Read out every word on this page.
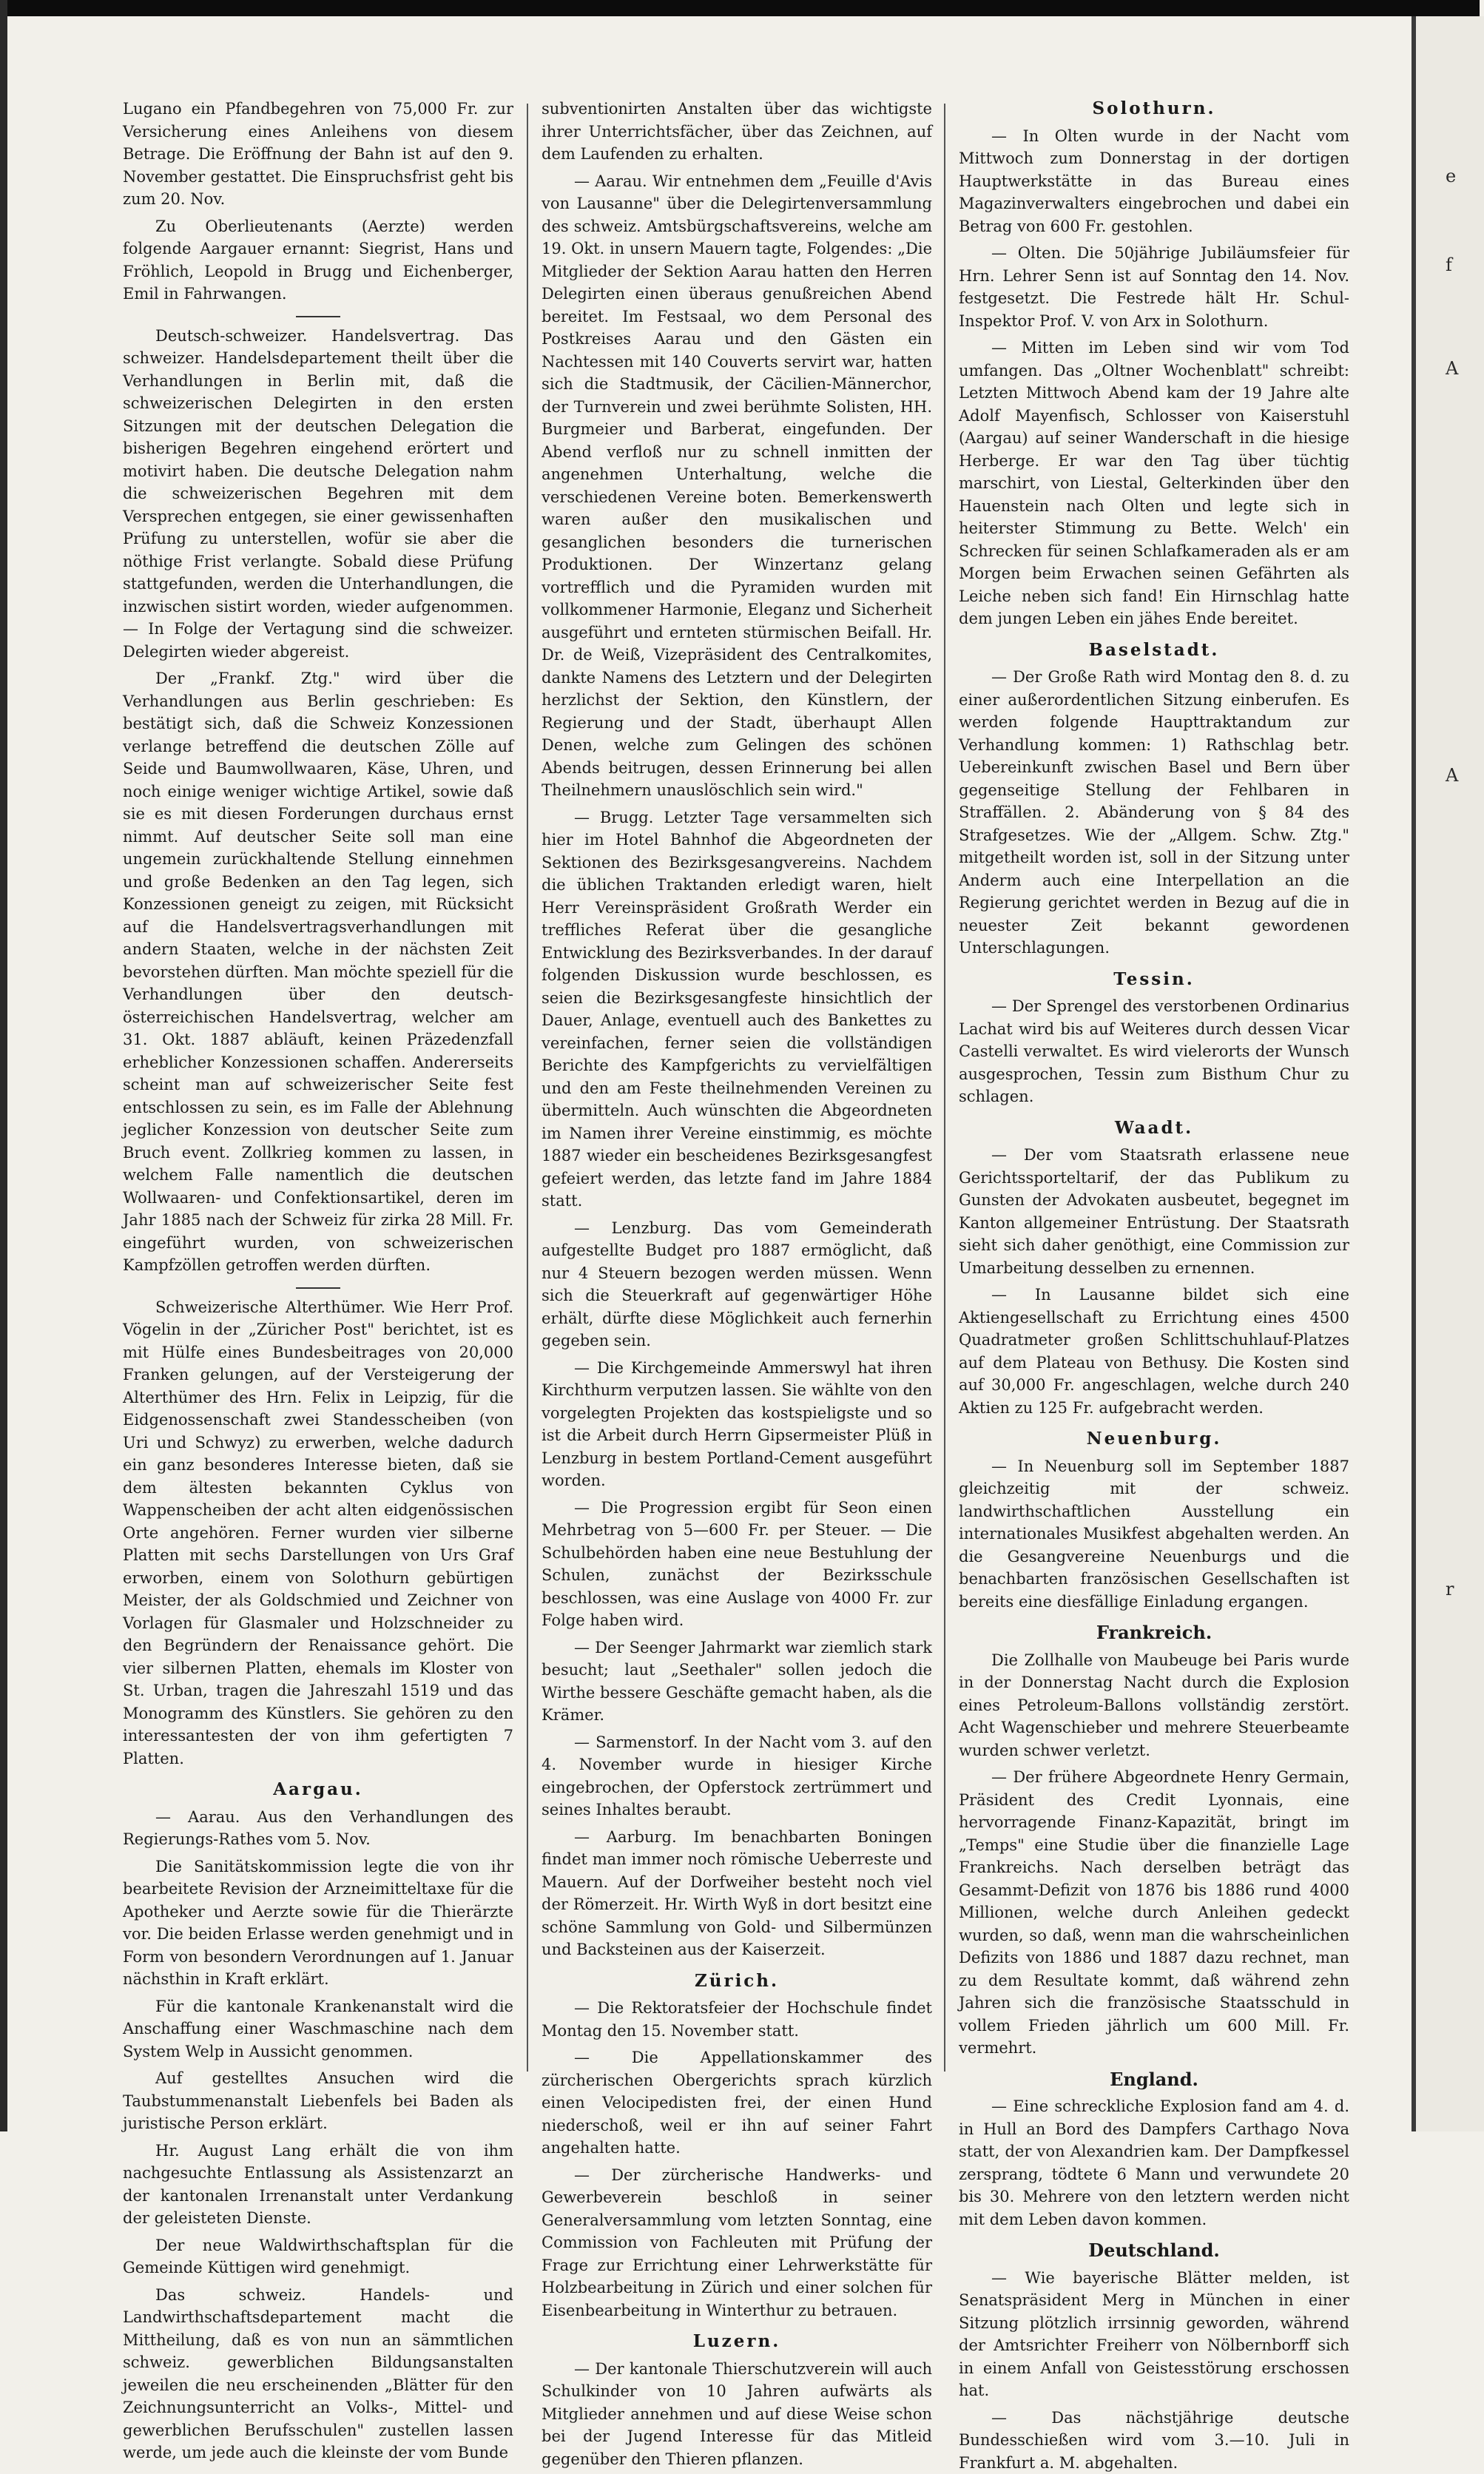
Lugano ein Pfandbegehren von 75,000 Fr. zur Versicherung eines Anleihens von diesem Betrage. Die Eröffnung der Bahn ist auf den 9. November gestattet. Die Einspruchsfrist geht bis zum 20. Nov.

Zu Oberlieutenants (Aerzte) werden folgende Aargauer ernannt: Siegrist, Hans und Fröhlich, Leopold in Brugg und Eichenberger, Emil in Fahrwangen.

Deutsch-schweizer. Handelsvertrag. Das schweizer. Handelsdepartement theilt über die Verhandlungen in Berlin mit, daß die schweizerischen Delegirten in den ersten Sitzungen mit der deutschen Delegation die bisherigen Begehren eingehend erörtert und motivirt haben. Die deutsche Delegation nahm die schweizerischen Begehren mit dem Versprechen entgegen, sie einer gewissenhaften Prüfung zu unterstellen, wofür sie aber die nöthige Frist verlangte. Sobald diese Prüfung stattgefunden, werden die Unterhandlungen, die inzwischen sistirt worden, wieder aufgenommen. — In Folge der Vertagung sind die schweizer. Delegirten wieder abgereist.

Der „Frankf. Ztg." wird über die Verhandlungen aus Berlin geschrieben: Es bestätigt sich, daß die Schweiz Konzessionen verlange betreffend die deutschen Zölle auf Seide und Baumwollwaaren, Käse, Uhren, und noch einige weniger wichtige Artikel, sowie daß sie es mit diesen Forderungen durchaus ernst nimmt. Auf deutscher Seite soll man eine ungemein zurückhaltende Stellung einnehmen und große Bedenken an den Tag legen, sich Konzessionen geneigt zu zeigen, mit Rücksicht auf die Handelsvertragsverhandlungen mit andern Staaten, welche in der nächsten Zeit bevorstehen dürften. Man möchte speziell für die Verhandlungen über den deutsch-österreichischen Handelsvertrag, welcher am 31. Okt. 1887 abläuft, keinen Präzedenzfall erheblicher Konzessionen schaffen. Andererseits scheint man auf schweizerischer Seite fest entschlossen zu sein, es im Falle der Ablehnung jeglicher Konzession von deutscher Seite zum Bruch event. Zollkrieg kommen zu lassen, in welchem Falle namentlich die deutschen Wollwaaren- und Confektionsartikel, deren im Jahr 1885 nach der Schweiz für zirka 28 Mill. Fr. eingeführt wurden, von schweizerischen Kampfzöllen getroffen werden dürften.

Schweizerische Alterthümer. Wie Herr Prof. Vögelin in der „Züricher Post" berichtet, ist es mit Hülfe eines Bundesbeitrages von 20,000 Franken gelungen, auf der Versteigerung der Alterthümer des Hrn. Felix in Leipzig, für die Eidgenossenschaft zwei Standesscheiben (von Uri und Schwyz) zu erwerben, welche dadurch ein ganz besonderes Interesse bieten, daß sie dem ältesten bekannten Cyklus von Wappenscheiben der acht alten eidgenössischen Orte angehören. Ferner wurden vier silberne Platten mit sechs Darstellungen von Urs Graf erworben, einem von Solothurn gebürtigen Meister, der als Goldschmied und Zeichner von Vorlagen für Glasmaler und Holzschneider zu den Begründern der Renaissance gehört. Die vier silbernen Platten, ehemals im Kloster von St. Urban, tragen die Jahreszahl 1519 und das Monogramm des Künstlers. Sie gehören zu den interessantesten der von ihm gefertigten 7 Platten.

Aargau.

— Aarau. Aus den Verhandlungen des Regierungs-Rathes vom 5. Nov.

Die Sanitätskommission legte die von ihr bearbeitete Revision der Arzneimitteltaxe für die Apotheker und Aerzte sowie für die Thierärzte vor. Die beiden Erlasse werden genehmigt und in Form von besondern Verordnungen auf 1. Januar nächsthin in Kraft erklärt.

Für die kantonale Krankenanstalt wird die Anschaffung einer Waschmaschine nach dem System Welp in Aussicht genommen.

Auf gestelltes Ansuchen wird die Taubstummenanstalt Liebenfels bei Baden als juristische Person erklärt.

Hr. August Lang erhält die von ihm nachgesuchte Entlassung als Assistenzarzt an der kantonalen Irrenanstalt unter Verdankung der geleisteten Dienste.

Der neue Waldwirthschaftsplan für die Gemeinde Küttigen wird genehmigt.

Das schweiz. Handels- und Landwirthschaftsdepartement macht die Mittheilung, daß es von nun an sämmtlichen schweiz. gewerblichen Bildungsanstalten jeweilen die neu erscheinenden „Blätter für den Zeichnungsunterricht an Volks-, Mittel- und gewerblichen Berufsschulen" zustellen lassen werde, um jede auch die kleinste der vom Bunde

subventionirten Anstalten über das wichtigste ihrer Unterrichtsfächer, über das Zeichnen, auf dem Laufenden zu erhalten.

— Aarau. Wir entnehmen dem „Feuille d'Avis von Lausanne" über die Delegirtenversammlung des schweiz. Amtsbürgschaftsvereins, welche am 19. Okt. in unsern Mauern tagte, Folgendes: „Die Mitglieder der Sektion Aarau hatten den Herren Delegirten einen überaus genußreichen Abend bereitet. Im Festsaal, wo dem Personal des Postkreises Aarau und den Gästen ein Nachtessen mit 140 Couverts servirt war, hatten sich die Stadtmusik, der Cäcilien-Männerchor, der Turnverein und zwei berühmte Solisten, HH. Burgmeier und Barberat, eingefunden. Der Abend verfloß nur zu schnell inmitten der angenehmen Unterhaltung, welche die verschiedenen Vereine boten. Bemerkenswerth waren außer den musikalischen und gesanglichen besonders die turnerischen Produktionen. Der Winzertanz gelang vortrefflich und die Pyramiden wurden mit vollkommener Harmonie, Eleganz und Sicherheit ausgeführt und ernteten stürmischen Beifall. Hr. Dr. de Weiß, Vizepräsident des Centralkomites, dankte Namens des Letztern und der Delegirten herzlichst der Sektion, den Künstlern, der Regierung und der Stadt, überhaupt Allen Denen, welche zum Gelingen des schönen Abends beitrugen, dessen Erinnerung bei allen Theilnehmern unauslöschlich sein wird."

— Brugg. Letzter Tage versammelten sich hier im Hotel Bahnhof die Abgeordneten der Sektionen des Bezirksgesangvereins. Nachdem die üblichen Traktanden erledigt waren, hielt Herr Vereinspräsident Großrath Werder ein treffliches Referat über die gesangliche Entwicklung des Bezirksverbandes. In der darauf folgenden Diskussion wurde beschlossen, es seien die Bezirksgesangfeste hinsichtlich der Dauer, Anlage, eventuell auch des Bankettes zu vereinfachen, ferner seien die vollständigen Berichte des Kampfgerichts zu vervielfältigen und den am Feste theilnehmenden Vereinen zu übermitteln. Auch wünschten die Abgeordneten im Namen ihrer Vereine einstimmig, es möchte 1887 wieder ein bescheidenes Bezirksgesangfest gefeiert werden, das letzte fand im Jahre 1884 statt.

— Lenzburg. Das vom Gemeinderath aufgestellte Budget pro 1887 ermöglicht, daß nur 4 Steuern bezogen werden müssen. Wenn sich die Steuerkraft auf gegenwärtiger Höhe erhält, dürfte diese Möglichkeit auch fernerhin gegeben sein.

— Die Kirchgemeinde Ammerswyl hat ihren Kirchthurm verputzen lassen. Sie wählte von den vorgelegten Projekten das kostspieligste und so ist die Arbeit durch Herrn Gipsermeister Plüß in Lenzburg in bestem Portland-Cement ausgeführt worden.

— Die Progression ergibt für Seon einen Mehrbetrag von 5—600 Fr. per Steuer. — Die Schulbehörden haben eine neue Bestuhlung der Schulen, zunächst der Bezirksschule beschlossen, was eine Auslage von 4000 Fr. zur Folge haben wird.

— Der Seenger Jahrmarkt war ziemlich stark besucht; laut „Seethaler" sollen jedoch die Wirthe bessere Geschäfte gemacht haben, als die Krämer.

— Sarmenstorf. In der Nacht vom 3. auf den 4. November wurde in hiesiger Kirche eingebrochen, der Opferstock zertrümmert und seines Inhaltes beraubt.

— Aarburg. Im benachbarten Boningen findet man immer noch römische Ueberreste und Mauern. Auf der Dorfweiher besteht noch viel der Römerzeit. Hr. Wirth Wyß in dort besitzt eine schöne Sammlung von Gold- und Silbermünzen und Backsteinen aus der Kaiserzeit.

Zürich.

— Die Rektoratsfeier der Hochschule findet Montag den 15. November statt.

— Die Appellationskammer des zürcherischen Obergerichts sprach kürzlich einen Velocipedisten frei, der einen Hund niederschoß, weil er ihn auf seiner Fahrt angehalten hatte.

— Der zürcherische Handwerks- und Gewerbeverein beschloß in seiner Generalversammlung vom letzten Sonntag, eine Commission von Fachleuten mit Prüfung der Frage zur Errichtung einer Lehrwerkstätte für Holzbearbeitung in Zürich und einer solchen für Eisenbearbeitung in Winterthur zu betrauen.

Luzern.

— Der kantonale Thierschutzverein will auch Schulkinder von 10 Jahren aufwärts als Mitglieder annehmen und auf diese Weise schon bei der Jugend Interesse für das Mitleid gegenüber den Thieren pflanzen.

Solothurn.

— In Olten wurde in der Nacht vom Mittwoch zum Donnerstag in der dortigen Hauptwerkstätte in das Bureau eines Magazinverwalters eingebrochen und dabei ein Betrag von 600 Fr. gestohlen.

— Olten. Die 50jährige Jubiläumsfeier für Hrn. Lehrer Senn ist auf Sonntag den 14. Nov. festgesetzt. Die Festrede hält Hr. Schul-Inspektor Prof. V. von Arx in Solothurn.

— Mitten im Leben sind wir vom Tod umfangen. Das „Oltner Wochenblatt" schreibt: Letzten Mittwoch Abend kam der 19 Jahre alte Adolf Mayenfisch, Schlosser von Kaiserstuhl (Aargau) auf seiner Wanderschaft in die hiesige Herberge. Er war den Tag über tüchtig marschirt, von Liestal, Gelterkinden über den Hauenstein nach Olten und legte sich in heiterster Stimmung zu Bette. Welch' ein Schrecken für seinen Schlafkameraden als er am Morgen beim Erwachen seinen Gefährten als Leiche neben sich fand! Ein Hirnschlag hatte dem jungen Leben ein jähes Ende bereitet.

Baselstadt.

— Der Große Rath wird Montag den 8. d. zu einer außerordentlichen Sitzung einberufen. Es werden folgende Haupttraktandum zur Verhandlung kommen: 1) Rathschlag betr. Uebereinkunft zwischen Basel und Bern über gegenseitige Stellung der Fehlbaren in Straffällen. 2. Abänderung von § 84 des Strafgesetzes. Wie der „Allgem. Schw. Ztg." mitgetheilt worden ist, soll in der Sitzung unter Anderm auch eine Interpellation an die Regierung gerichtet werden in Bezug auf die in neuester Zeit bekannt gewordenen Unterschlagungen.

Tessin.

— Der Sprengel des verstorbenen Ordinarius Lachat wird bis auf Weiteres durch dessen Vicar Castelli verwaltet. Es wird vielerorts der Wunsch ausgesprochen, Tessin zum Bisthum Chur zu schlagen.

Waadt.

— Der vom Staatsrath erlassene neue Gerichtssporteltarif, der das Publikum zu Gunsten der Advokaten ausbeutet, begegnet im Kanton allgemeiner Entrüstung. Der Staatsrath sieht sich daher genöthigt, eine Commission zur Umarbeitung desselben zu ernennen.

— In Lausanne bildet sich eine Aktiengesellschaft zu Errichtung eines 4500 Quadratmeter großen Schlittschuhlauf-Platzes auf dem Plateau von Bethusy. Die Kosten sind auf 30,000 Fr. angeschlagen, welche durch 240 Aktien zu 125 Fr. aufgebracht werden.

Neuenburg.

— In Neuenburg soll im September 1887 gleichzeitig mit der schweiz. landwirthschaftlichen Ausstellung ein internationales Musikfest abgehalten werden. An die Gesangvereine Neuenburgs und die benachbarten französischen Gesellschaften ist bereits eine diesfällige Einladung ergangen.

Frankreich.

Die Zollhalle von Maubeuge bei Paris wurde in der Donnerstag Nacht durch die Explosion eines Petroleum-Ballons vollständig zerstört. Acht Wagenschieber und mehrere Steuerbeamte wurden schwer verletzt.

— Der frühere Abgeordnete Henry Germain, Präsident des Credit Lyonnais, eine hervorragende Finanz-Kapazität, bringt im „Temps" eine Studie über die finanzielle Lage Frankreichs. Nach derselben beträgt das Gesammt-Defizit von 1876 bis 1886 rund 4000 Millionen, welche durch Anleihen gedeckt wurden, so daß, wenn man die wahrscheinlichen Defizits von 1886 und 1887 dazu rechnet, man zu dem Resultate kommt, daß während zehn Jahren sich die französische Staatsschuld in vollem Frieden jährlich um 600 Mill. Fr. vermehrt.

England.

— Eine schreckliche Explosion fand am 4. d. in Hull an Bord des Dampfers Carthago Nova statt, der von Alexandrien kam. Der Dampfkessel zersprang, tödtete 6 Mann und verwundete 20 bis 30. Mehrere von den letztern werden nicht mit dem Leben davon kommen.

Deutschland.

— Wie bayerische Blätter melden, ist Senatspräsident Merg in München in einer Sitzung plötzlich irrsinnig geworden, während der Amtsrichter Freiherr von Nölbernborff sich in einem Anfall von Geistesstörung erschossen hat.

— Das nächstjährige deutsche Bundesschießen wird vom 3.—10. Juli in Frankfurt a. M. abgehalten.

e
f
A
A
r
